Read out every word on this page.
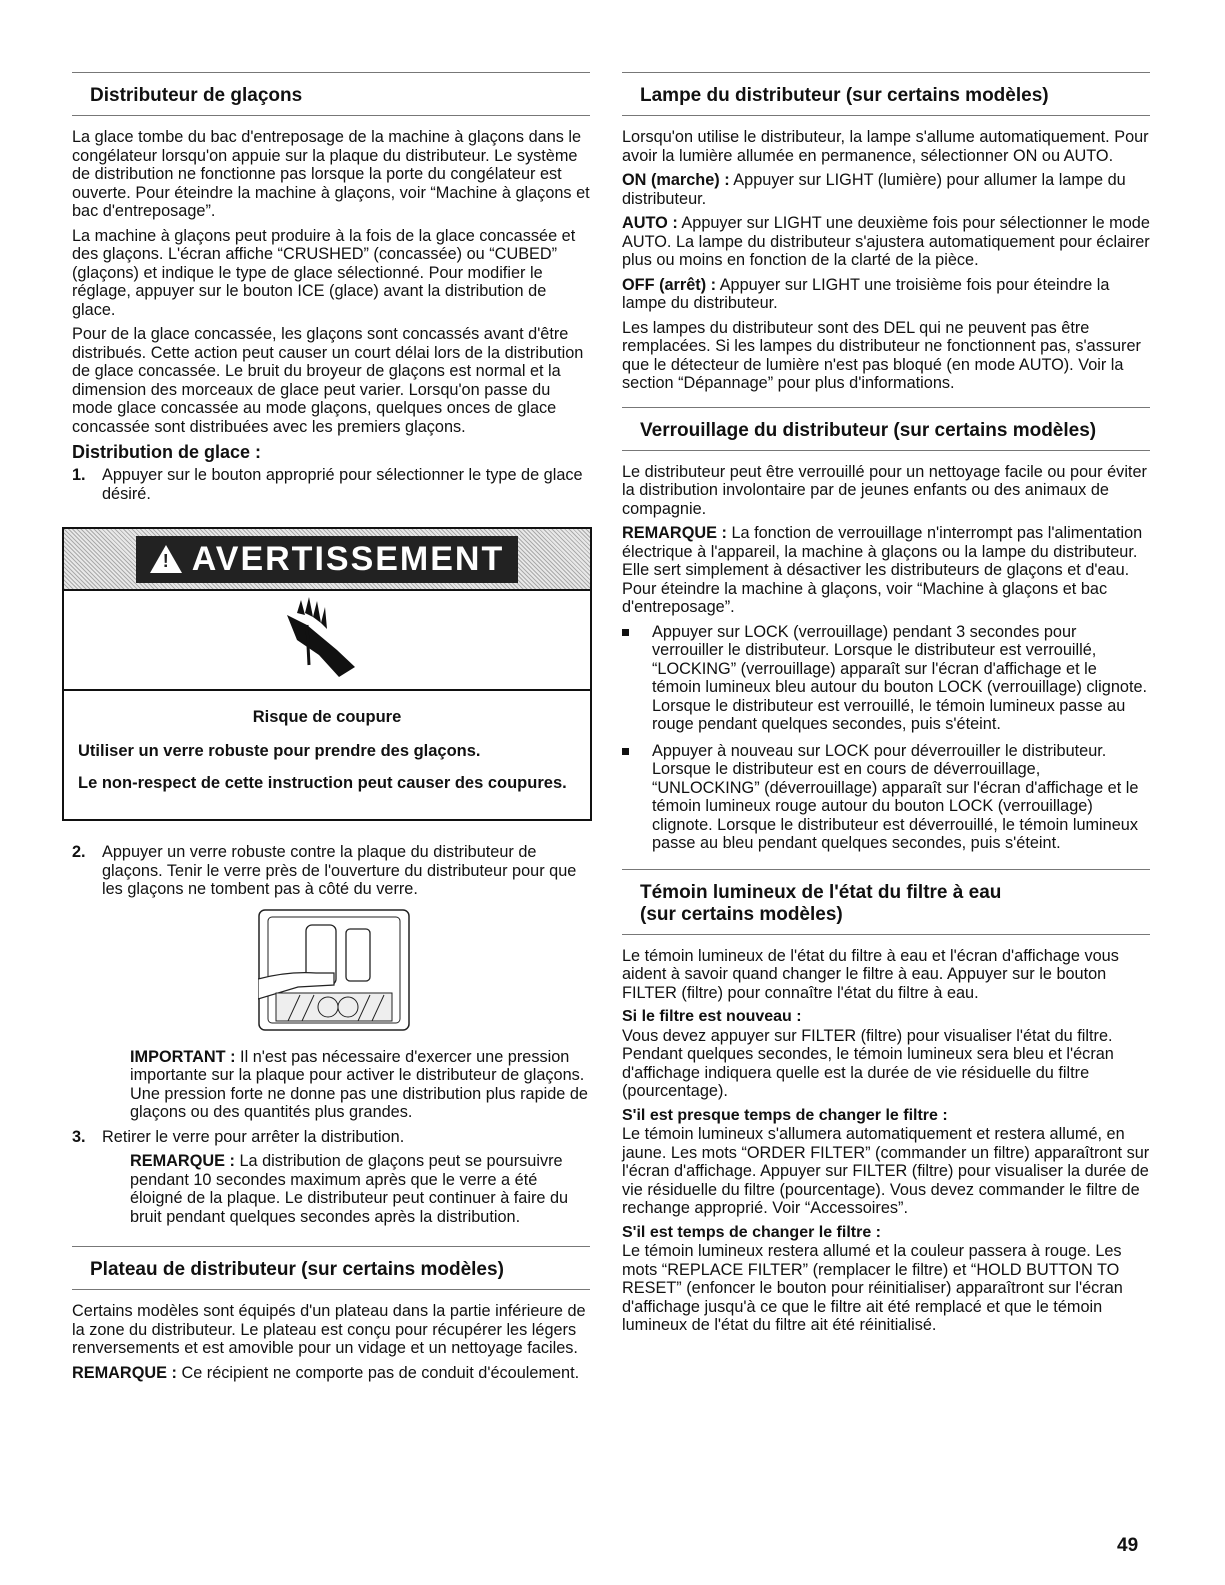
Distributeur de glaçons

La glace tombe du bac d'entreposage de la machine à glaçons dans le congélateur lorsqu'on appuie sur la plaque du distributeur. Le système de distribution ne fonctionne pas lorsque la porte du congélateur est ouverte. Pour éteindre la machine à glaçons, voir “Machine à glaçons et bac d'entreposage”.

La machine à glaçons peut produire à la fois de la glace concassée et des glaçons. L'écran affiche “CRUSHED” (concassée) ou “CUBED” (glaçons) et indique le type de glace sélectionné. Pour modifier le réglage, appuyer sur le bouton ICE (glace) avant la distribution de glace.

Pour de la glace concassée, les glaçons sont concassés avant d'être distribués. Cette action peut causer un court délai lors de la distribution de glace concassée. Le bruit du broyeur de glaçons est normal et la dimension des morceaux de glace peut varier. Lorsqu'on passe du mode glace concassée au mode glaçons, quelques onces de glace concassée sont distribuées avec les premiers glaçons.

Distribution de glace :
1. Appuyer sur le bouton approprié pour sélectionner le type de glace désiré.
! AVERTISSEMENT
Risque de coupure

Utiliser un verre robuste pour prendre des glaçons.

Le non-respect de cette instruction peut causer des coupures.

2. Appuyer un verre robuste contre la plaque du distributeur de glaçons. Tenir le verre près de l'ouverture du distributeur pour que les glaçons ne tombent pas à côté du verre.

IMPORTANT : Il n'est pas nécessaire d'exercer une pression importante sur la plaque pour activer le distributeur de glaçons. Une pression forte ne donne pas une distribution plus rapide de glaçons ou des quantités plus grandes.

3. Retirer le verre pour arrêter la distribution.

REMARQUE : La distribution de glaçons peut se poursuivre pendant 10 secondes maximum après que le verre a été éloigné de la plaque. Le distributeur peut continuer à faire du bruit pendant quelques secondes après la distribution.

Plateau de distributeur (sur certains modèles)

Certains modèles sont équipés d'un plateau dans la partie inférieure de la zone du distributeur. Le plateau est conçu pour récupérer les légers renversements et est amovible pour un vidage et un nettoyage faciles.

REMARQUE : Ce récipient ne comporte pas de conduit d'écoulement.

Lampe du distributeur (sur certains modèles)

Lorsqu'on utilise le distributeur, la lampe s'allume automatiquement. Pour avoir la lumière allumée en permanence, sélectionner ON ou AUTO.

ON (marche) : Appuyer sur LIGHT (lumière) pour allumer la lampe du distributeur.

AUTO : Appuyer sur LIGHT une deuxième fois pour sélectionner le mode AUTO. La lampe du distributeur s'ajustera automatiquement pour éclairer plus ou moins en fonction de la clarté de la pièce.

OFF (arrêt) : Appuyer sur LIGHT une troisième fois pour éteindre la lampe du distributeur.

Les lampes du distributeur sont des DEL qui ne peuvent pas être remplacées. Si les lampes du distributeur ne fonctionnent pas, s'assurer que le détecteur de lumière n'est pas bloqué (en mode AUTO). Voir la section “Dépannage” pour plus d'informations.

Verrouillage du distributeur (sur certains modèles)

Le distributeur peut être verrouillé pour un nettoyage facile ou pour éviter la distribution involontaire par de jeunes enfants ou des animaux de compagnie.

REMARQUE : La fonction de verrouillage n'interrompt pas l'alimentation électrique à l'appareil, la machine à glaçons ou la lampe du distributeur. Elle sert simplement à désactiver les distributeurs de glaçons et d'eau. Pour éteindre la machine à glaçons, voir “Machine à glaçons et bac d'entreposage”.

Appuyer sur LOCK (verrouillage) pendant 3 secondes pour verrouiller le distributeur. Lorsque le distributeur est verrouillé, “LOCKING” (verrouillage) apparaît sur l'écran d'affichage et le témoin lumineux bleu autour du bouton LOCK (verrouillage) clignote. Lorsque le distributeur est verrouillé, le témoin lumineux passe au rouge pendant quelques secondes, puis s'éteint.
Appuyer à nouveau sur LOCK pour déverrouiller le distributeur. Lorsque le distributeur est en cours de déverrouillage, “UNLOCKING” (déverrouillage) apparaît sur l'écran d'affichage et le témoin lumineux rouge autour du bouton LOCK (verrouillage) clignote. Lorsque le distributeur est déverrouillé, le témoin lumineux passe au bleu pendant quelques secondes, puis s'éteint.
Témoin lumineux de l'état du filtre à eau
(sur certains modèles)

Le témoin lumineux de l'état du filtre à eau et l'écran d'affichage vous aident à savoir quand changer le filtre à eau. Appuyer sur le bouton FILTER (filtre) pour connaître l'état du filtre à eau.

Si le filtre est nouveau :

Vous devez appuyer sur FILTER (filtre) pour visualiser l'état du filtre. Pendant quelques secondes, le témoin lumineux sera bleu et l'écran d'affichage indiquera quelle est la durée de vie résiduelle du filtre (pourcentage).

S'il est presque temps de changer le filtre :

Le témoin lumineux s'allumera automatiquement et restera allumé, en jaune. Les mots “ORDER FILTER” (commander un filtre) apparaîtront sur l'écran d'affichage. Appuyer sur FILTER (filtre) pour visualiser la durée de vie résiduelle du filtre (pourcentage). Vous devez commander le filtre de rechange approprié. Voir “Accessoires”.

S'il est temps de changer le filtre :

Le témoin lumineux restera allumé et la couleur passera à rouge. Les mots “REPLACE FILTER” (remplacer le filtre) et “HOLD BUTTON TO RESET” (enfoncer le bouton pour réinitialiser) apparaîtront sur l'écran d'affichage jusqu'à ce que le filtre ait été remplacé et que le témoin lumineux de l'état du filtre ait été réinitialisé.

49
